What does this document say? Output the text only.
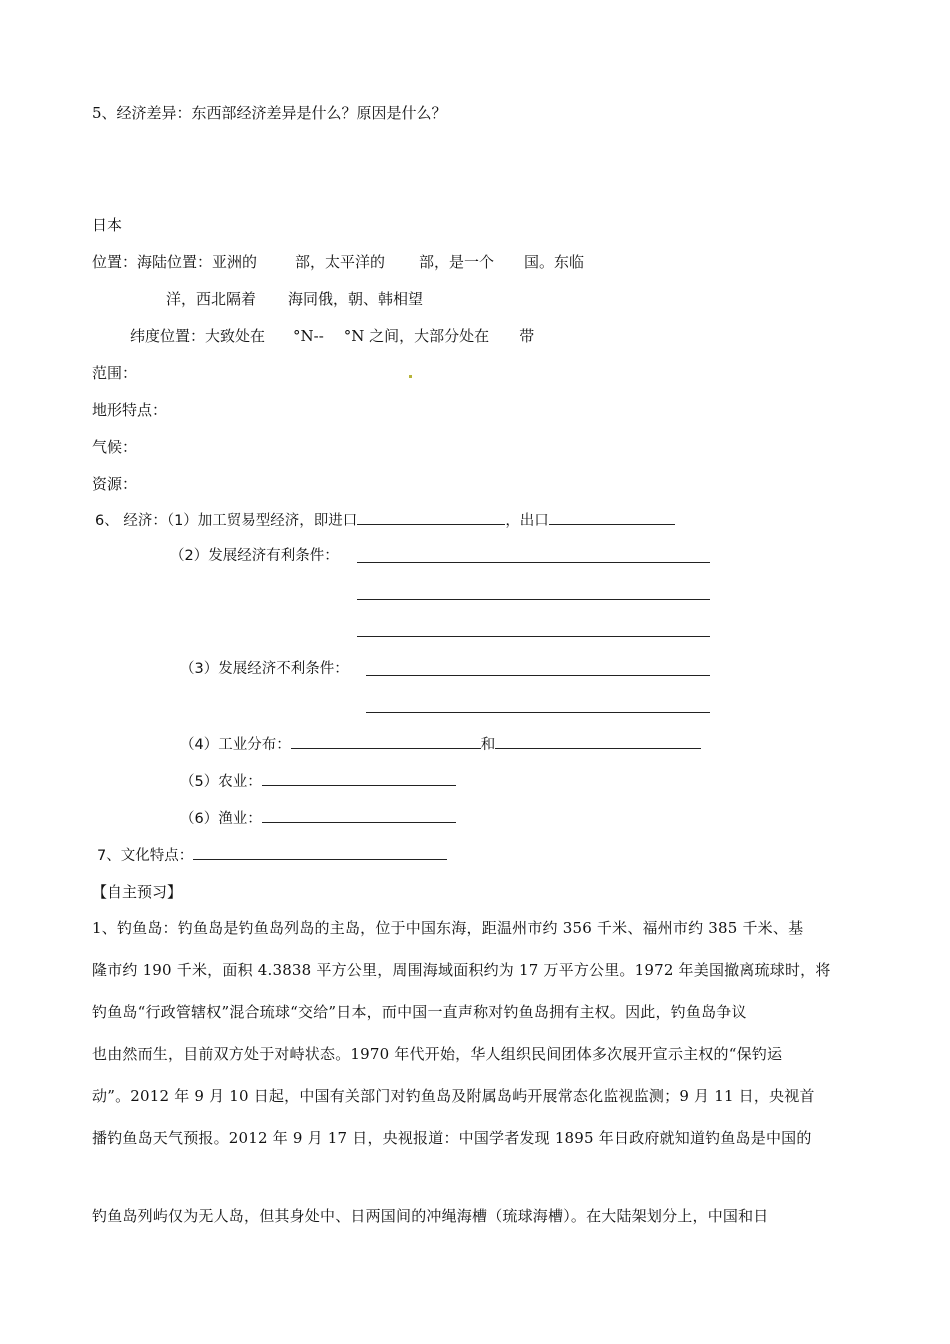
5、经济差异：东西部经济差异是什么？原因是什么？
日本
位置：海陆位置：亚洲的	部，太平洋的 部，是一个 国。东临
洋，西北隔着 海同俄，朝、韩相望
纬度位置：大致处在 °N-- °N 之间，大部分处在 带
范围：
地形特点：
气候：
资源：
6、 经济：（1）加工贸易型经济，即进口	，出口
（2）发展经济有利条件：
（3）发展经济不利条件：
（4）工业分布：	和
（5）农业：
（6）渔业：
7、文化特点：
【自主预习】
1、钓鱼岛：钓鱼岛是钓鱼岛列岛的主岛，位于中国东海，距温州市约 356 千米、福州市约 385 千米、基
隆市约 190 千米，面积 4.3838 平方公里，周围海域面积约为 17 万平方公里。1972 年美国撤离琉球时，将
钓鱼岛“行政管辖权”混合琉球“交给”日本，而中国一直声称对钓鱼岛拥有主权。因此，钓鱼岛争议
也由然而生，目前双方处于对峙状态。1970 年代开始，华人组织民间团体多次展开宣示主权的“保钓运
动”。2012 年 9 月 10 日起，中国有关部门对钓鱼岛及附属岛屿开展常态化监视监测；9 月 11 日，央视首
播钓鱼岛天气预报。2012 年 9 月 17 日，央视报道：中国学者发现 1895 年日政府就知道钓鱼岛是中国的
钓鱼岛列屿仅为无人岛，但其身处中、日两国间的冲绳海槽（琉球海槽）。在大陆架划分上，中国和日
